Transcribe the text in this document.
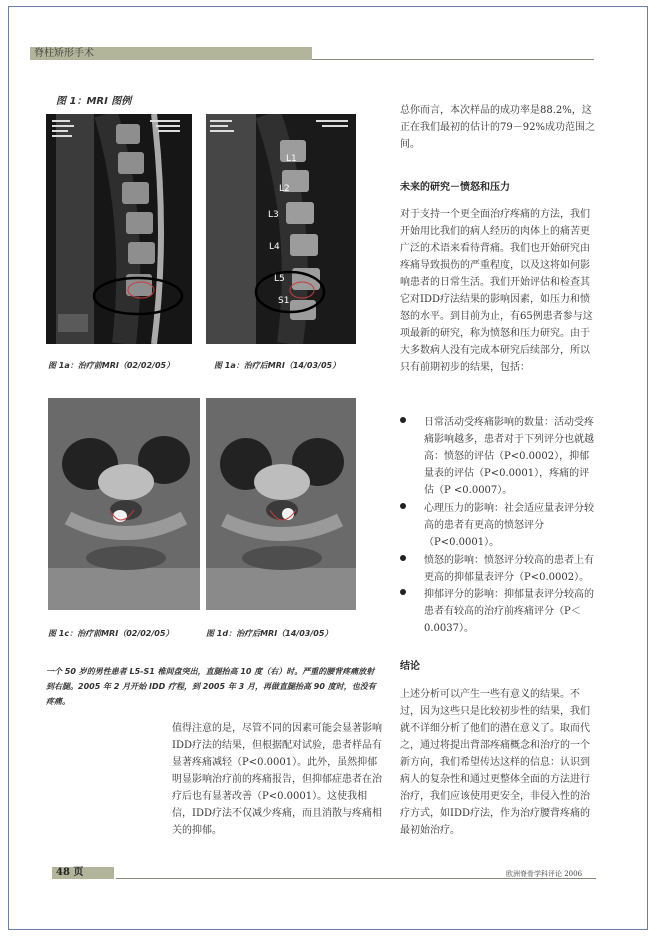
脊柱矫形手术
图 1：MRI 图例
L1
L2
L3
L4
L5
S1
图 1a：治疗前MRI（02/02/05）	图 1a：治疗后MRI（14/03/05）
图 1c：治疗前MRI（02/02/05）	图 1d：治疗后MRI（14/03/05）
一个 50 岁的男性患者 L5-S1 椎间盘突出，直腿抬高 10 度（右）时。严重的腰背疼痛放射到右腿。2005 年 2 月开始 IDD 疗程，到 2005 年 3 月，再做直腿抬高 90 度时，也没有疼痛。
值得注意的是，尽管不同的因素可能会显著影响IDD疗法的结果，但根据配对试验，患者样品有显著疼痛减轻（P<0.0001）。此外，虽然抑郁明显影响治疗前的疼痛报告，但抑郁症患者在治疗后也有显著改善（P<0.0001）。这使我相信，IDD疗法不仅减少疼痛，而且消散与疼痛相关的抑郁。
总你而言，本次样品的成功率是88.2%，这正在我们最初的估计的79－92%成功范围之间。
未来的研究－愤怒和压力
对于支持一个更全面治疗疼痛的方法，我们开始用比我们的病人经历的肉体上的痛苦更广泛的术语来看待背痛。我们也开始研究由疼痛导致损伤的严重程度，以及这将如何影响患者的日常生活。我们开始评估和检查其它对IDD疗法结果的影响因素，如压力和愤怒的水平。到目前为止，有65例患者参与这项最新的研究，称为愤怒和压力研究。由于大多数病人没有完成本研究后续部分，所以只有前期初步的结果，包括：
日常活动受疼痛影响的数量：活动受疼痛影响越多，患者对于下列评分也就越高：愤怒的评估（P<0.0002），抑郁量表的评估（P<0.0001），疼痛的评估（P <0.0007）。
心理压力的影响：社会适应量表评分较高的患者有更高的愤怒评分（P<0.0001）。
愤怒的影响：愤怒评分较高的患者上有更高的抑郁量表评分（P<0.0002）。
抑郁评分的影响：抑郁量表评分较高的患者有较高的治疗前疼痛评分（P＜0.0037）。
结论
上述分析可以产生一些有意义的结果。不过，因为这些只是比较初步性的结果，我们就不详细分析了他们的潜在意义了。取而代之，通过将提出背部疼痛概念和治疗的一个新方向，我们希望传达这样的信息：认识到病人的复杂性和通过更整体全面的方法进行治疗，我们应该使用更安全，非侵入性的治疗方式，如IDD疗法，作为治疗腰背疼痛的最初始治疗。
48 页	欧洲脊骨学科评论 2006
